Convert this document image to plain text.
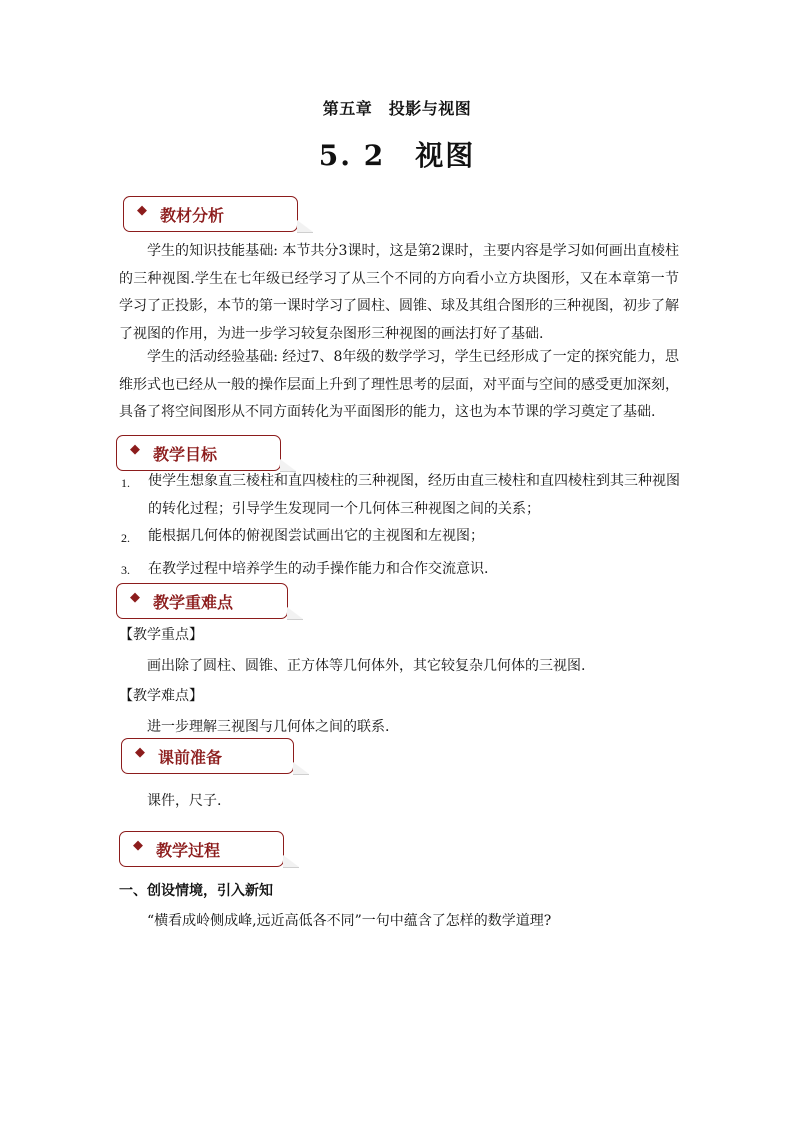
第五章　投影与视图
5. 2　视图
◆ 教材分析
学生的知识技能基础: 本节共分3课时，这是第2课时，主要内容是学习如何画出直棱柱的三种视图.学生在七年级已经学习了从三个不同的方向看小立方块图形，又在本章第一节学习了正投影，本节的第一课时学习了圆柱、圆锥、球及其组合图形的三种视图，初步了解了视图的作用，为进一步学习较复杂图形三种视图的画法打好了基础.
学生的活动经验基础: 经过7、8年级的数学学习，学生已经形成了一定的探究能力，思维形式也已经从一般的操作层面上升到了理性思考的层面，对平面与空间的感受更加深刻，具备了将空间图形从不同方面转化为平面图形的能力，这也为本节课的学习奠定了基础.
◆ 教学目标
1. 使学生想象直三棱柱和直四棱柱的三种视图，经历由直三棱柱和直四棱柱到其三种视图的转化过程；引导学生发现同一个几何体三种视图之间的关系；
2. 能根据几何体的俯视图尝试画出它的主视图和左视图；
3. 在教学过程中培养学生的动手操作能力和合作交流意识.
◆ 教学重难点
【教学重点】
画出除了圆柱、圆锥、正方体等几何体外，其它较复杂几何体的三视图.
【教学难点】
进一步理解三视图与几何体之间的联系.
◆ 课前准备
课件，尺子.
◆ 教学过程
一、创设情境，引入新知
“横看成岭侧成峰,远近高低各不同”一句中蕴含了怎样的数学道理?
